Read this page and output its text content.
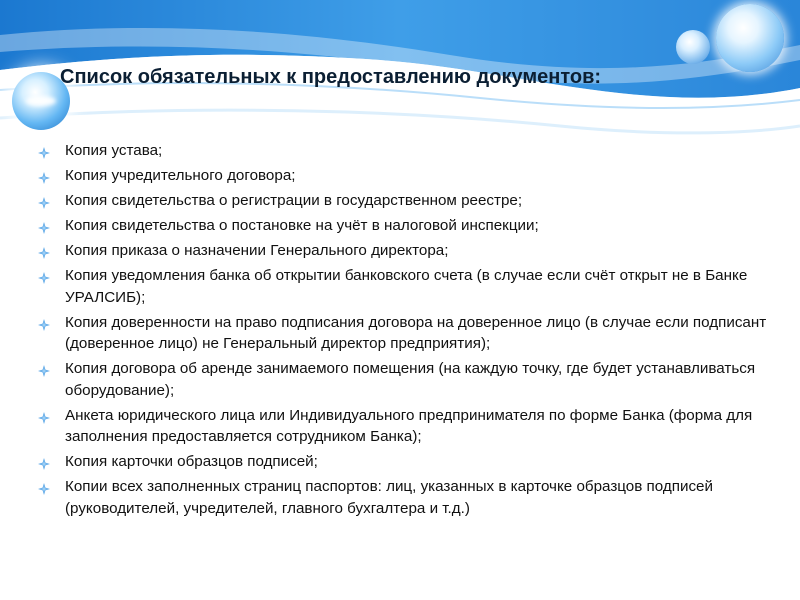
Список обязательных к предоставлению документов:
Копия устава;
Копия учредительного договора;
Копия свидетельства о регистрации в государственном реестре;
Копия свидетельства о постановке на учёт в налоговой инспекции;
Копия приказа о назначении Генерального директора;
Копия уведомления банка об открытии банковского счета (в случае если счёт открыт не в Банке УРАЛСИБ);
Копия доверенности на право подписания договора на доверенное лицо (в случае если подписант (доверенное лицо) не Генеральный директор предприятия);
Копия договора об аренде занимаемого помещения (на каждую точку, где будет устанавливаться оборудование);
Анкета юридического лица или Индивидуального предпринимателя по форме Банка (форма для заполнения предоставляется сотрудником Банка);
Копия карточки образцов подписей;
Копии всех заполненных страниц паспортов: лиц, указанных в карточке образцов подписей (руководителей, учредителей, главного бухгалтера и т.д.)
